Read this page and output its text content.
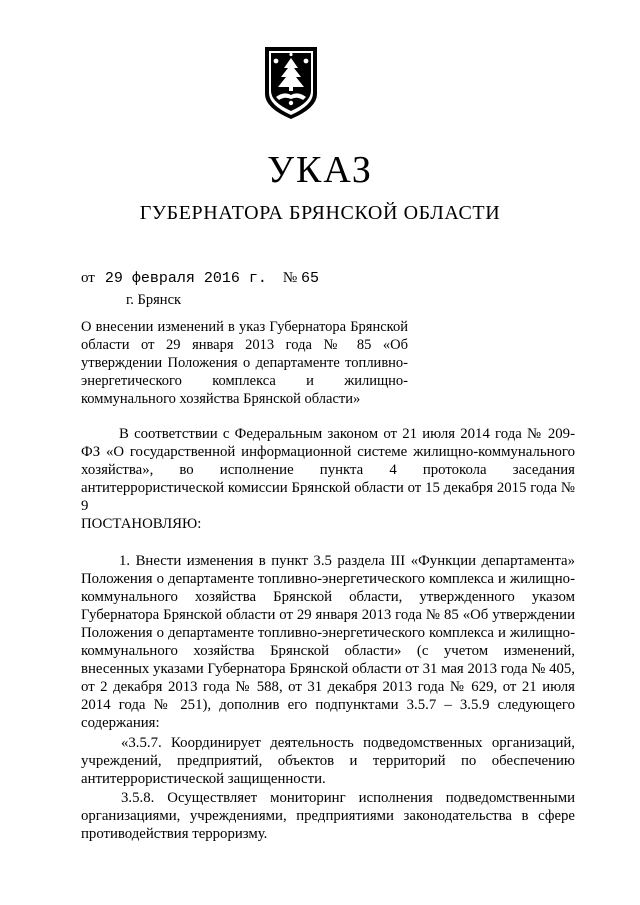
УКАЗ
ГУБЕРНАТОРА БРЯНСКОЙ ОБЛАСТИ
от 29 февраля 2016 г. № 65
г. Брянск
О внесении изменений в указ Губернатора Брянской области от 29 января 2013 года № 85 «Об утверждении Положения о департаменте топливно-энергетического комплекса и жилищно-коммунального хозяйства Брянской области»

В соответствии с Федеральным законом от 21 июля 2014 года № 209-ФЗ «О государственной информационной системе жилищно-коммунального хозяйства», во исполнение пункта 4 протокола заседания антитеррористической комиссии Брянской области от 15 декабря 2015 года № 9

ПОСТАНОВЛЯЮ:

1. Внести изменения в пункт 3.5 раздела III «Функции департамента» Положения о департаменте топливно-энергетического комплекса и жилищно-коммунального хозяйства Брянской области, утвержденного указом Губернатора Брянской области от 29 января 2013 года № 85 «Об утверждении Положения о департаменте топливно-энергетического комплекса и жилищно-коммунального хозяйства Брянской области» (с учетом изменений, внесенных указами Губернатора Брянской области от 31 мая 2013 года № 405, от 2 декабря 2013 года № 588, от 31 декабря 2013 года № 629, от 21 июля 2014 года № 251), дополнив его подпунктами 3.5.7 – 3.5.9 следующего содержания:

«3.5.7. Координирует деятельность подведомственных организаций, учреждений, предприятий, объектов и территорий по обеспечению антитеррористической защищенности.

3.5.8. Осуществляет мониторинг исполнения подведомственными организациями, учреждениями, предприятиями законодательства в сфере противодействия терроризму.
